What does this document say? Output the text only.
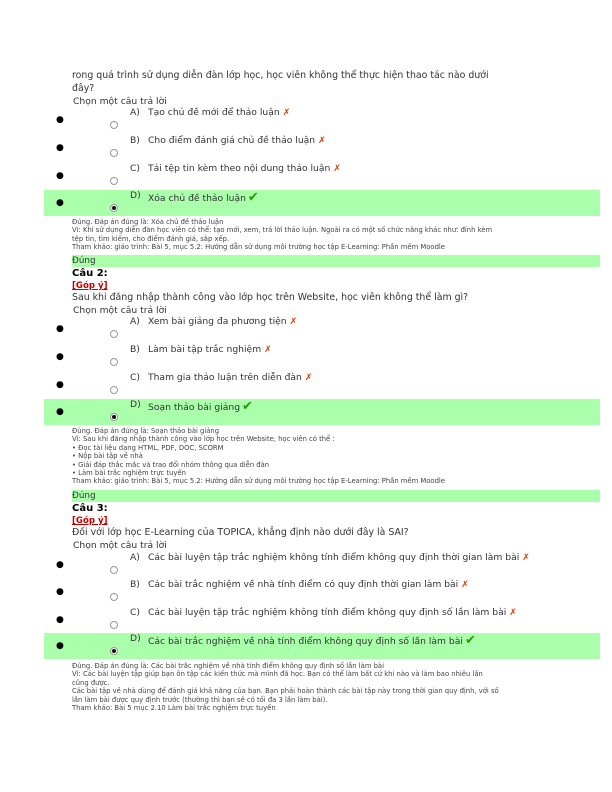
rong quá trình sử dụng diễn đàn lớp học, học viên không thể thực hiện thao tác nào dưới
đây?
Chọn một câu trả lời
●
A) Tạo chủ đề mới để thảo luận ✗
●
B) Cho điểm đánh giá chủ đề thảo luận ✗
●
C) Tải tệp tin kèm theo nội dung thảo luận ✗
●
D) Xóa chủ đề thảo luận ✔
Đúng. Đáp án đúng là: Xóa chủ đề thảo luận
Vì: Khi sử dụng diễn đàn học viên có thể: tạo mới, xem, trả lời thảo luận. Ngoài ra có một số chức năng khác như: đính kèm
tệp tin, tìm kiếm, cho điểm đánh giá, sắp xếp.
Tham khảo: giáo trình: Bài 5, mục 5.2: Hướng dẫn sử dụng môi trường học tập E-Learning: Phần mềm Moodle
Đúng
Câu 2:
[Góp ý]
Sau khi đăng nhập thành công vào lớp học trên Website, học viên không thể làm gì?
Chọn một câu trả lời
●
A) Xem bài giảng đa phương tiện ✗
●
B) Làm bài tập trắc nghiệm ✗
●
C) Tham gia thảo luận trên diễn đàn ✗
●
D) Soạn thảo bài giảng ✔
Đúng. Đáp án đúng là: Soạn thảo bài giảng
Vì: Sau khi đăng nhập thành công vào lớp học trên Website, học viên có thể :
• Đọc tài liệu dạng HTML, PDF, DOC, SCORM
• Nộp bài tập về nhà
• Giải đáp thắc mắc và trao đổi nhóm thông qua diễn đàn
• Làm bài trắc nghiệm trực tuyến
Tham khảo: giáo trình: Bài 5, mục 5.2: Hướng dẫn sử dụng môi trường học tập E-Learning: Phần mềm Moodle
Đúng
Câu 3:
[Góp ý]
Đối với lớp học E-Learning của TOPICA, khẳng định nào dưới đây là SAI?
Chọn một câu trả lời
●
A) Các bài luyện tập trắc nghiệm không tính điểm không quy định thời gian làm bài ✗
●
B) Các bài trắc nghiệm về nhà tính điểm có quy định thời gian làm bài ✗
●
C) Các bài luyện tập trắc nghiệm không tính điểm không quy định số lần làm bài ✗
●
D) Các bài trắc nghiệm về nhà tính điểm không quy định số lần làm bài ✔
Đúng. Đáp án đúng là: Các bài trắc nghiệm về nhà tính điểm không quy định số lần làm bài
Vì: Các bài luyện tập giúp bạn ôn tập các kiến thức mà mình đã học. Bạn có thể làm bất cứ khi nào và làm bao nhiêu lần
cũng được.
Các bài tập về nhà dùng để đánh giá khả năng của bạn. Bạn phải hoàn thành các bài tập này trong thời gian quy định, với số
lần làm bài được quy định trước (thường thì bạn sẽ có tối đa 3 lần làm bài).
Tham khảo: Bài 5 mục 2.10 Làm bài trắc nghiệm trực tuyến
